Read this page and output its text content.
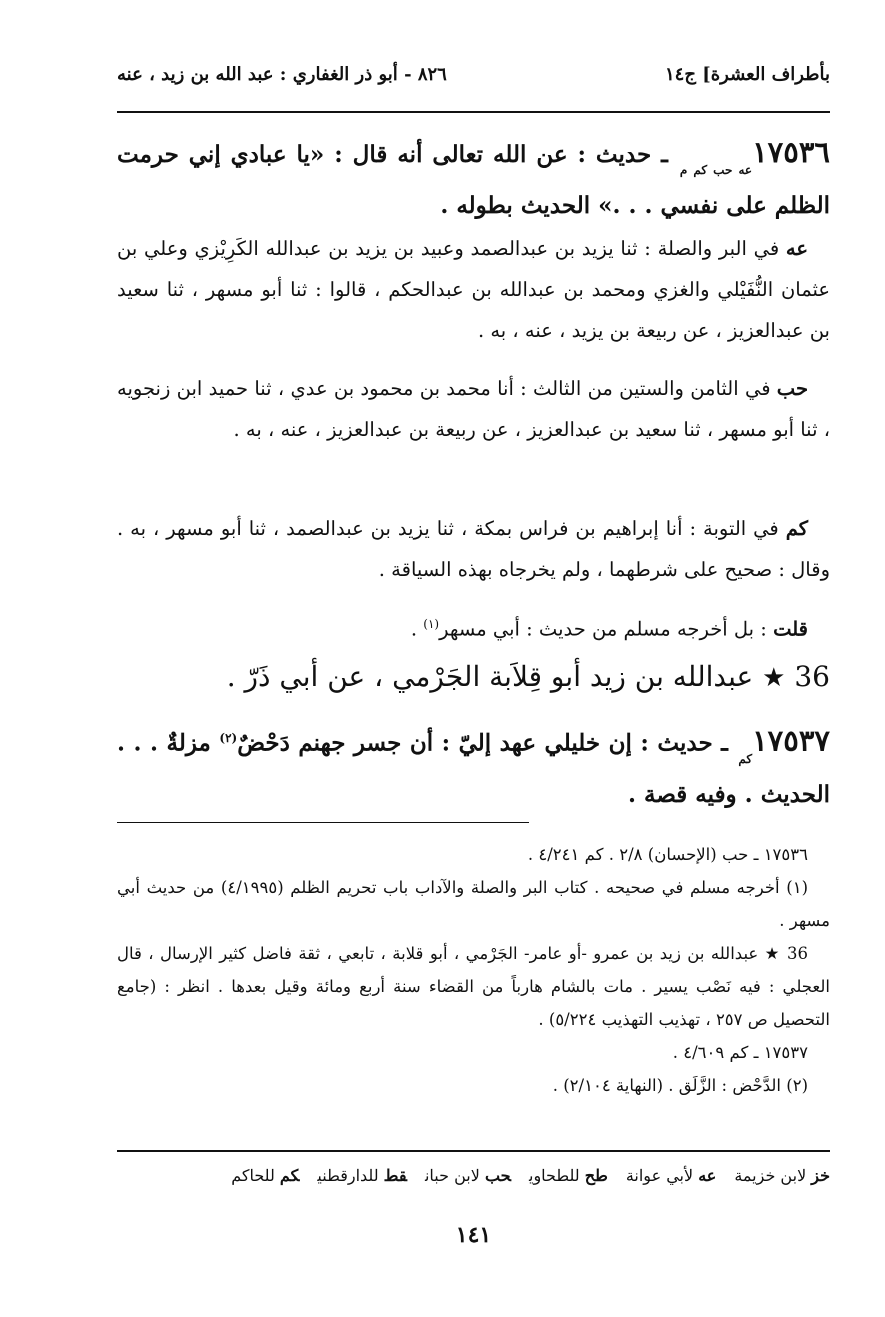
بأطراف العشرة] ج١٤
٨٢٦ - أبو ذر الغفاري : عبد الله بن زيد ، عنه
$١٧٥٣٦_{عه حب كم م}$ ـ حديث : عن الله تعالى أنه قال : «يا عبادي إني حرمت الظلم على نفسي . . .» الحديث بطوله .
عه في البر والصلة : ثنا يزيد بن عبدالصمد وعبيد بن يزيد بن عبدالله الكَرِيْزي وعلي بن عثمان النُّفَيْلي والغزي ومحمد بن عبدالله بن عبدالحكم ، قالوا : ثنا أبو مسهر ، ثنا سعيد بن عبدالعزيز ، عن ربيعة بن يزيد ، عنه ، به .
حب في الثامن والستين من الثالث : أنا محمد بن محمود بن عدي ، ثنا حميد ابن زنجويه ، ثنا أبو مسهر ، ثنا سعيد بن عبدالعزيز ، عن ربيعة بن عبدالعزيز ، عنه ، به .
كم في التوبة : أنا إبراهيم بن فراس بمكة ، ثنا يزيد بن عبدالصمد ، ثنا أبو مسهر ، به . وقال : صحيح على شرطهما ، ولم يخرجاه بهذه السياقة .
قلت : بل أخرجه مسلم من حديث : أبي مسهر$^{(١)}$ .
36 ★ عبدالله بن زيد أبو قِلاَبة الجَرْمي ، عن أبي ذَرّ .
$١٧٥٣٧_{كم}$ ـ حديث : إن خليلي عهد إليّ : أن جسر جهنم دَحْضٌ$^{(٢)}$ مزلةٌ . . . الحديث . وفيه قصة .
١٧٥٣٦ ـ حب (الإحسان) ٢/٨ . كم ٤/٢٤١ .
(١) أخرجه مسلم في صحيحه . كتاب البر والصلة والآداب باب تحريم الظلم (٤/١٩٩٥) من حديث أبي مسهر .
36 ★ عبدالله بن زيد بن عمرو -أو عامر- الجَرْمي ، أبو قلابة ، تابعي ، ثقة فاضل كثير الإرسال ، قال العجلي : فيه نَصْب يسير . مات بالشام هارباً من القضاء سنة أربع ومائة وقيل بعدها . انظر : (جامع التحصيل ص ٢٥٧ ، تهذيب التهذيب ٥/٢٢٤) .
١٧٥٣٧ ـ كم ٤/٦٠٩ .
(٢) الدَّحْض : الزَّلَق . (النهاية ٢/١٠٤) .
خز لابن خزيمةعه لأبي عوانةطح للطحاويحب لابن حبانقط للدارقطنيكم للحاكم
١٤١
